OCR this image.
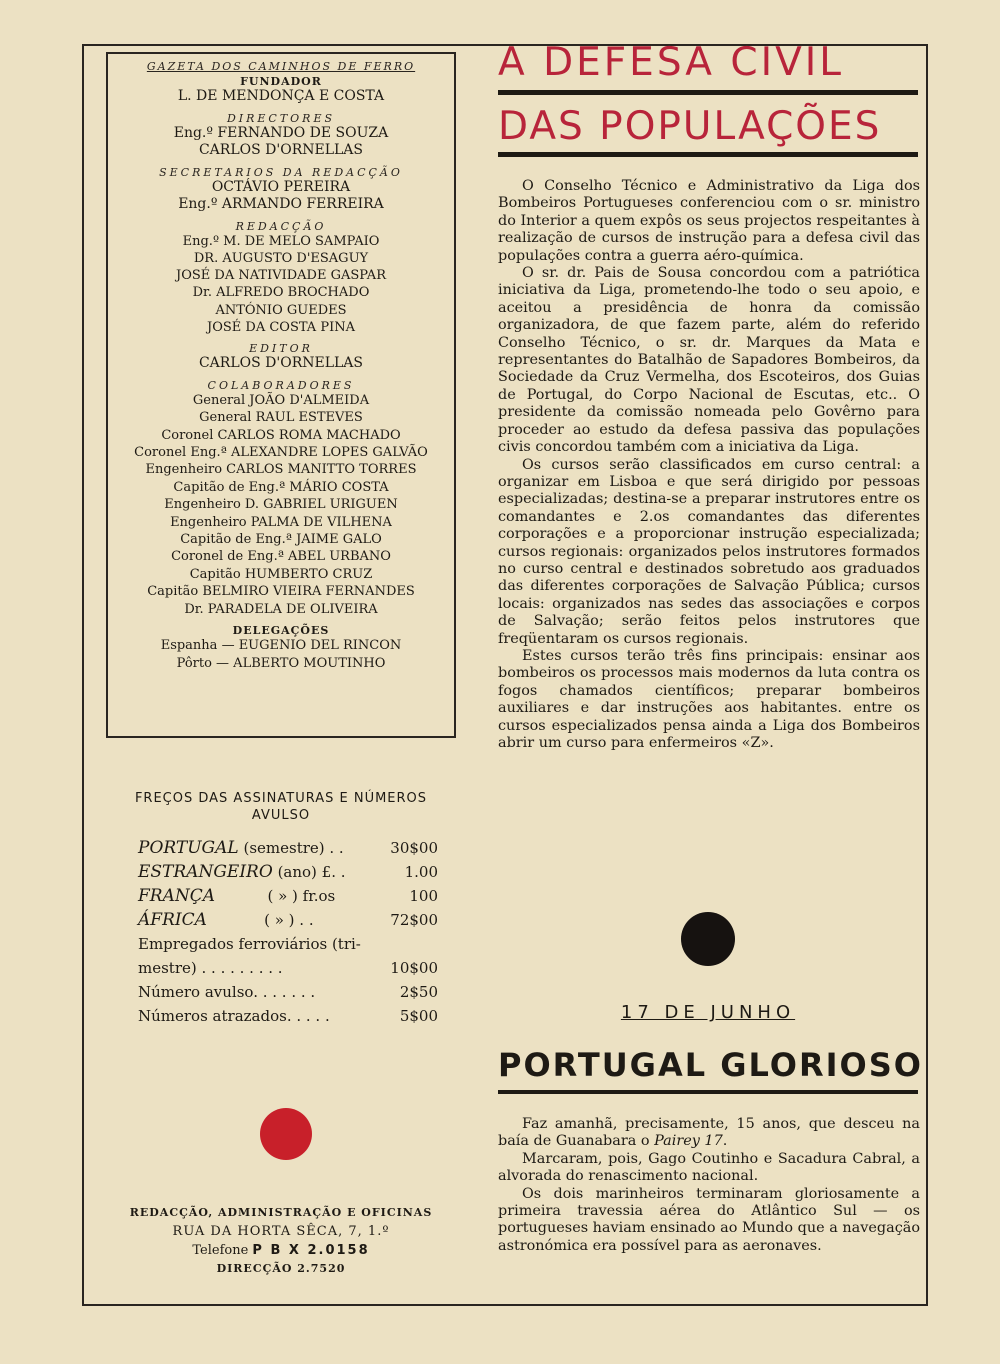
GAZETA DOS CAMINHOS DE FERRO
FUNDADOR
L. DE MENDONÇA E COSTA
DIRECTORES
Eng.º FERNANDO DE SOUZA
CARLOS D'ORNELLAS
SECRETARIOS DA REDACÇÃO
OCTÁVIO PEREIRA
Eng.º ARMANDO FERREIRA
REDACÇÃO
Eng.º M. DE MELO SAMPAIO
DR. AUGUSTO D'ESAGUY
JOSÉ DA NATIVIDADE GASPAR
Dr. ALFREDO BROCHADO
ANTÓNIO GUEDES
JOSÉ DA COSTA PINA
EDITOR
CARLOS D'ORNELLAS
COLABORADORES
General JOÃO D'ALMEIDA
General RAUL ESTEVES
Coronel CARLOS ROMA MACHADO
Coronel Eng.ª ALEXANDRE LOPES GALVÃO
Engenheiro CARLOS MANITTO TORRES
Capitão de Eng.ª MÁRIO COSTA
Engenheiro D. GABRIEL URIGUEN
Engenheiro PALMA DE VILHENA
Capitão de Eng.ª JAIME GALO
Coronel de Eng.ª ABEL URBANO
Capitão HUMBERTO CRUZ
Capitão BELMIRO VIEIRA FERNANDES
Dr. PARADELA DE OLIVEIRA
DELEGAÇÕES
Espanha — EUGENIO DEL RINCON
Pôrto — ALBERTO MOUTINHO
FREÇOS DAS ASSINATURAS E NÚMEROS
AVULSO
PORTUGAL (semestre) . .	30$00
ESTRANGEIRO (ano) £. .	1.00
FRANÇA           ( » ) fr.os	100
ÁFRICA            ( » ) . .	72$00
Empregados ferroviários (tri-
mestre) . . . . . . . . .	10$00
Número avulso. . . . . . .	2$50
Números atrazados. . . . .	5$00
REDACÇÃO, ADMINISTRAÇÃO E OFICINAS
RUA DA HORTA SÊCA, 7, 1.º
Telefone P B X 2.0158
DIRECÇÃO 2.7520
A DEFESA CIVIL
DAS POPULAÇÕES

O Conselho Técnico e Administrativo da Liga dos Bombeiros Portugueses conferenciou com o sr. ministro do Interior a quem expôs os seus projectos respeitantes à realização de cursos de instrução para a defesa civil das populações contra a guerra aéro-química.

O sr. dr. Pais de Sousa concordou com a patriótica iniciativa da Liga, prometendo-lhe todo o seu apoio, e aceitou a presidência de honra da comissão organizadora, de que fazem parte, além do referido Conselho Técnico, o sr. dr. Marques da Mata e representantes do Batalhão de Sapadores Bombeiros, da Sociedade da Cruz Vermelha, dos Escoteiros, dos Guias de Portugal, do Corpo Nacional de Escutas, etc.. O presidente da comissão nomeada pelo Govêrno para proceder ao estudo da defesa passiva das populações civis concordou também com a iniciativa da Liga.

Os cursos serão classificados em curso central: a organizar em Lisboa e que será dirigido por pessoas especializadas; destina-se a preparar instrutores entre os comandantes e 2.os comandantes das diferentes corporações e a proporcionar instrução especializada; cursos regionais: organizados pelos instrutores formados no curso central e destinados sobretudo aos graduados das diferentes corporações de Salvação Pública; cursos locais: organizados nas sedes das associações e corpos de Salvação; serão feitos pelos instrutores que freqüentaram os cursos regionais.

Estes cursos terão três fins principais: ensinar aos bombeiros os processos mais modernos da luta contra os fogos chamados científicos; preparar bombeiros auxiliares e dar instruções aos habitantes. entre os cursos especializados pensa ainda a Liga dos Bombeiros abrir um curso para enfermeiros «Z».

17 DE JUNHO
PORTUGAL GLORIOSO

Faz amanhã, precisamente, 15 anos, que desceu na baía de Guanabara o Pairey 17.

Marcaram, pois, Gago Coutinho e Sacadura Cabral, a alvorada do renascimento nacional.

Os dois marinheiros terminaram gloriosamente a primeira travessia aérea do Atlântico Sul — os portugueses haviam ensinado ao Mundo que a navegação astronómica era possível para as aeronaves.
